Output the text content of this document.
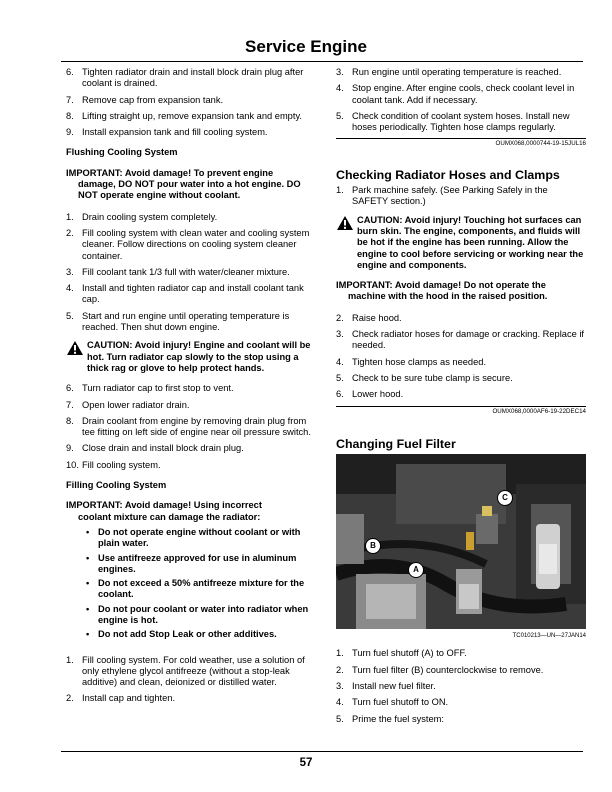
Service Engine
6. Tighten radiator drain and install block drain plug after coolant is drained.
7. Remove cap from expansion tank.
8. Lifting straight up, remove expansion tank and empty.
9. Install expansion tank and fill cooling system.
Flushing Cooling System
IMPORTANT: Avoid damage! To prevent engine
damage, DO NOT pour water into a hot engine. DO NOT operate engine without coolant.
1. Drain cooling system completely.
2. Fill cooling system with clean water and cooling system cleaner. Follow directions on cooling system cleaner container.
3. Fill coolant tank 1/3 full with water/cleaner mixture.
4. Install and tighten radiator cap and install coolant tank cap.
5. Start and run engine until operating temperature is reached. Then shut down engine.
CAUTION: Avoid injury! Engine and coolant will be hot. Turn radiator cap slowly to the stop using a thick rag or glove to help protect hands.
6. Turn radiator cap to first stop to vent.
7. Open lower radiator drain.
8. Drain coolant from engine by removing drain plug from tee fitting on left side of engine near oil pressure switch.
9. Close drain and install block drain plug.
10. Fill cooling system.
Filling Cooling System
IMPORTANT: Avoid damage! Using incorrect
coolant mixture can damage the radiator:
• Do not operate engine without coolant or with plain water.
• Use antifreeze approved for use in aluminum engines.
• Do not exceed a 50% antifreeze mixture for the coolant.
• Do not pour coolant or water into radiator when engine is hot.
• Do not add Stop Leak or other additives.
1. Fill cooling system. For cold weather, use a solution of only ethylene glycol antifreeze (without a stop-leak additive) and clean, deionized or distilled water.
2. Install cap and tighten.
3. Run engine until operating temperature is reached.
4. Stop engine. After engine cools, check coolant level in coolant tank. Add if necessary.
5. Check condition of coolant system hoses. Install new hoses periodically. Tighten hose clamps regularly.
OUMX068,0000744-19-15JUL16
Checking Radiator Hoses and Clamps
1. Park machine safely. (See Parking Safely in the SAFETY section.)
CAUTION: Avoid injury! Touching hot surfaces can burn skin. The engine, components, and fluids will be hot if the engine has been running. Allow the engine to cool before servicing or working near the engine and components.
IMPORTANT: Avoid damage! Do not operate the
machine with the hood in the raised position.
2. Raise hood.
3. Check radiator hoses for damage or cracking. Replace if needed.
4. Tighten hose clamps as needed.
5. Check to be sure tube clamp is secure.
6. Lower hood.
OUMX068,0000AF6-19-22DEC14
Changing Fuel Filter
B
A
C
TC010213—UN—27JAN14
1. Turn fuel shutoff (A) to OFF.
2. Turn fuel filter (B) counterclockwise to remove.
3. Install new fuel filter.
4. Turn fuel shutoff to ON.
5. Prime the fuel system:
57
